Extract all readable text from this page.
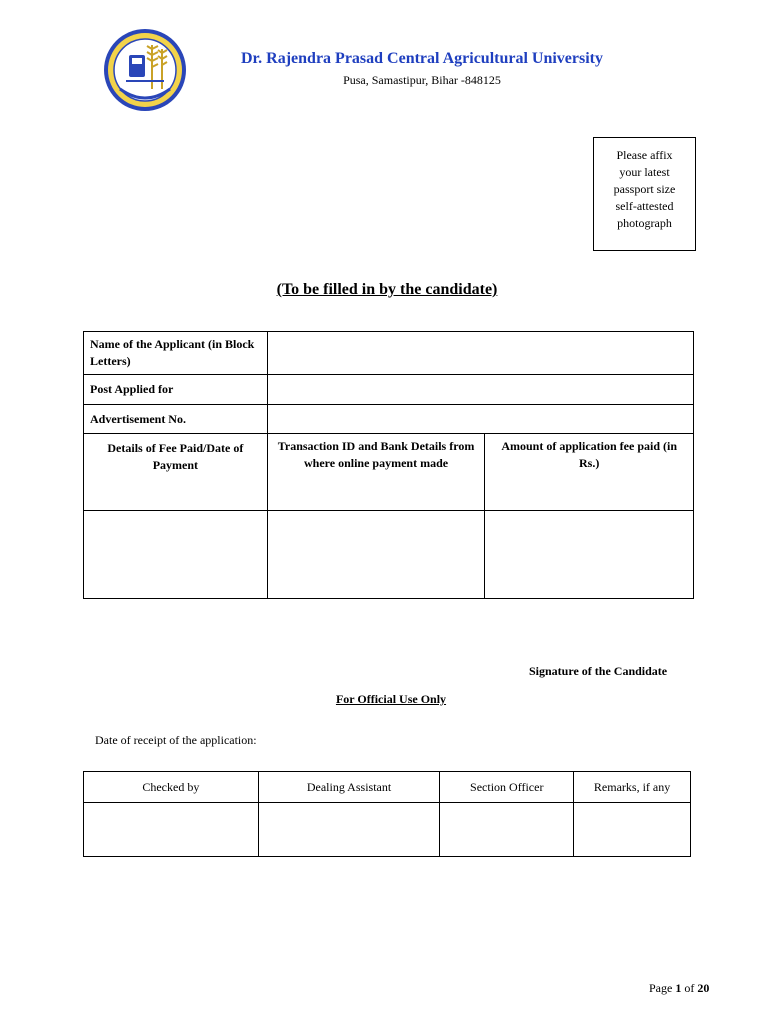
Dr. Rajendra Prasad Central Agricultural University
Pusa, Samastipur, Bihar -848125
Please affix
your latest
passport size
self-attested
photograph
(To be filled in by the candidate)
Name of the Applicant (in Block Letters)		
Post Applied for		
Advertisement No.		
Details of Fee Paid/Date of Payment	Transaction ID and Bank Details from where online payment made	Amount of application fee paid (in Rs.)

Signature of the Candidate
For Official Use Only
Date of receipt of the application:
Checked by	Dealing Assistant	Section Officer	Remarks, if any

Page 1 of 20
